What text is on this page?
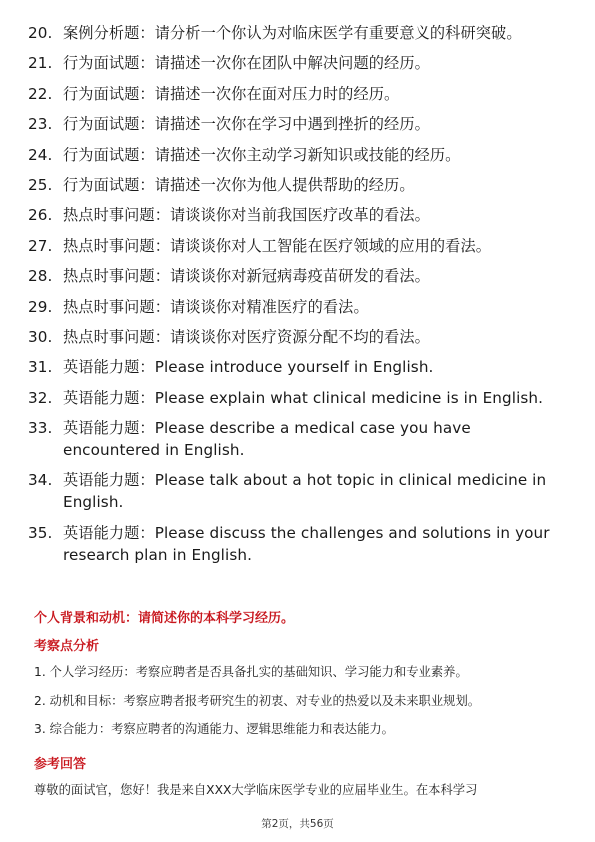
20. 案例分析题：请分析一个你认为对临床医学有重要意义的科研突破。
21. 行为面试题：请描述一次你在团队中解决问题的经历。
22. 行为面试题：请描述一次你在面对压力时的经历。
23. 行为面试题：请描述一次你在学习中遇到挫折的经历。
24. 行为面试题：请描述一次你主动学习新知识或技能的经历。
25. 行为面试题：请描述一次你为他人提供帮助的经历。
26. 热点时事问题：请谈谈你对当前我国医疗改革的看法。
27. 热点时事问题：请谈谈你对人工智能在医疗领域的应用的看法。
28. 热点时事问题：请谈谈你对新冠病毒疫苗研发的看法。
29. 热点时事问题：请谈谈你对精准医疗的看法。
30. 热点时事问题：请谈谈你对医疗资源分配不均的看法。
31. 英语能力题：Please introduce yourself in English.
32. 英语能力题：Please explain what clinical medicine is in English.
33. 英语能力题：Please describe a medical case you have encountered in English.
34. 英语能力题：Please talk about a hot topic in clinical medicine in English.
35. 英语能力题：Please discuss the challenges and solutions in your research plan in English.
个人背景和动机：请简述你的本科学习经历。
考察点分析
1. 个人学习经历：考察应聘者是否具备扎实的基础知识、学习能力和专业素养。
2. 动机和目标：考察应聘者报考研究生的初衷、对专业的热爱以及未来职业规划。
3. 综合能力：考察应聘者的沟通能力、逻辑思维能力和表达能力。
参考回答
尊敬的面试官，您好！我是来自XXX大学临床医学专业的应届毕业生。在本科学习
第2页，共56页
